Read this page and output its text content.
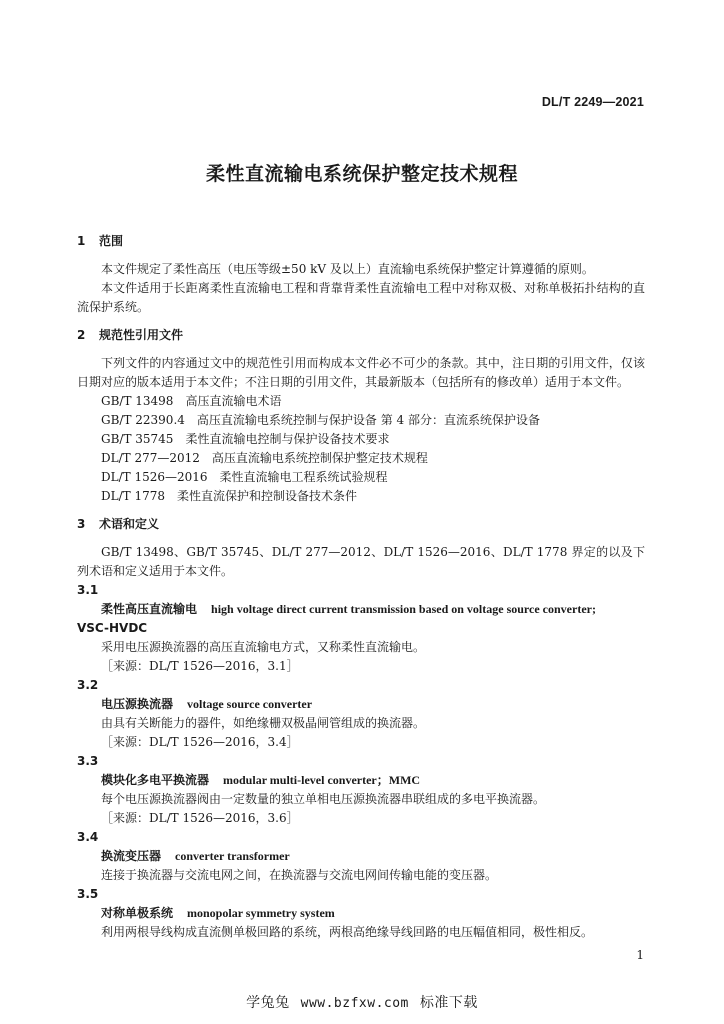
DL/T 2249—2021
柔性直流输电系统保护整定技术规程
1 范围
本文件规定了柔性高压（电压等级±50 kV 及以上）直流输电系统保护整定计算遵循的原则。
本文件适用于长距离柔性直流输电工程和背靠背柔性直流输电工程中对称双极、对称单极拓扑结构的直流保护系统。
2 规范性引用文件
下列文件的内容通过文中的规范性引用而构成本文件必不可少的条款。其中，注日期的引用文件，仅该日期对应的版本适用于本文件；不注日期的引用文件，其最新版本（包括所有的修改单）适用于本文件。
GB/T 13498　高压直流输电术语
GB/T 22390.4　高压直流输电系统控制与保护设备 第 4 部分：直流系统保护设备
GB/T 35745　柔性直流输电控制与保护设备技术要求
DL/T 277—2012　高压直流输电系统控制保护整定技术规程
DL/T 1526—2016　柔性直流输电工程系统试验规程
DL/T 1778　柔性直流保护和控制设备技术条件
3 术语和定义
GB/T 13498、GB/T 35745、DL/T 277—2012、DL/T 1526—2016、DL/T 1778 界定的以及下列术语和定义适用于本文件。
3.1
柔性高压直流输电 high voltage direct current transmission based on voltage source converter;
VSC-HVDC
采用电压源换流器的高压直流输电方式，又称柔性直流输电。
［来源：DL/T 1526—2016，3.1］
3.2
电压源换流器 voltage source converter
由具有关断能力的器件，如绝缘栅双极晶闸管组成的换流器。
［来源：DL/T 1526—2016，3.4］
3.3
模块化多电平换流器 modular multi-level converter；MMC
每个电压源换流器阀由一定数量的独立单相电压源换流器串联组成的多电平换流器。
［来源：DL/T 1526—2016，3.6］
3.4
换流变压器 converter transformer
连接于换流器与交流电网之间，在换流器与交流电网间传输电能的变压器。
3.5
对称单极系统 monopolar symmetry system
利用两根导线构成直流侧单极回路的系统，两根高绝缘导线回路的电压幅值相同，极性相反。
1
学兔兔 www.bzfxw.com 标准下载
